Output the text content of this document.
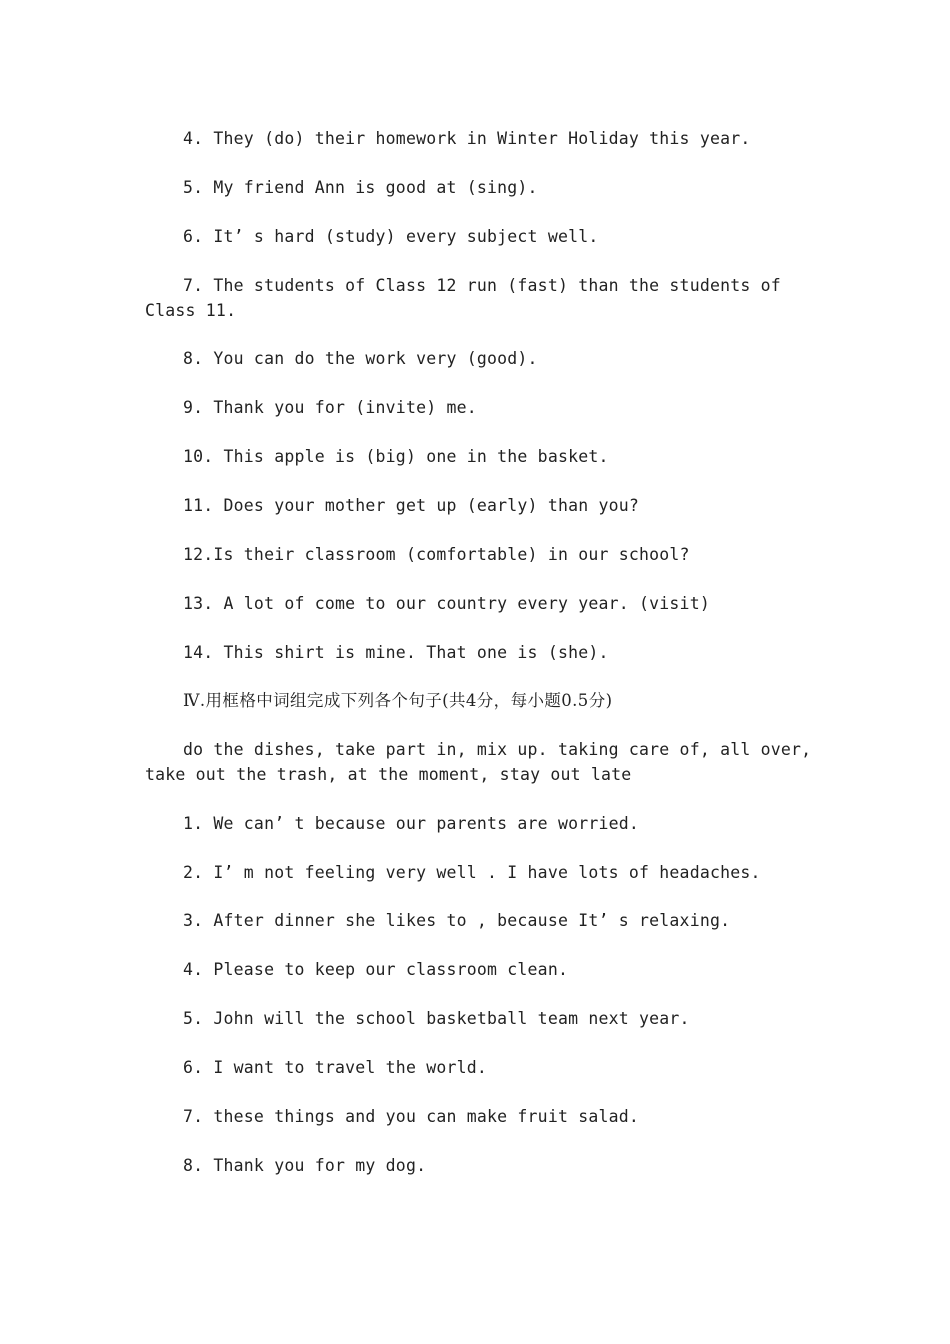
4. They (do) their homework in Winter Holiday this year.
5. My friend Ann is good at (sing).
6. It’ s hard (study) every subject well.
7. The students of Class 12 run (fast) than the students of Class 11.
8. You can do the work very (good).
9. Thank you for (invite) me.
10. This apple is (big) one in the basket.
11. Does your mother get up (early) than you?
12.Is their classroom (comfortable) in our school?
13. A lot of come to our country every year. (visit)
14. This shirt is mine. That one is (she).
Ⅳ.用框格中词组完成下列各个句子(共4分，每小题0.5分)
do the dishes, take part in, mix up. taking care of, all over, take out the trash, at the moment, stay out late
1. We can’ t because our parents are worried.
2. I’ m not feeling very well . I have lots of headaches.
3. After dinner she likes to , because It’ s relaxing.
4. Please to keep our classroom clean.
5. John will the school basketball team next year.
6. I want to travel the world.
7. these things and you can make fruit salad.
8. Thank you for my dog.
